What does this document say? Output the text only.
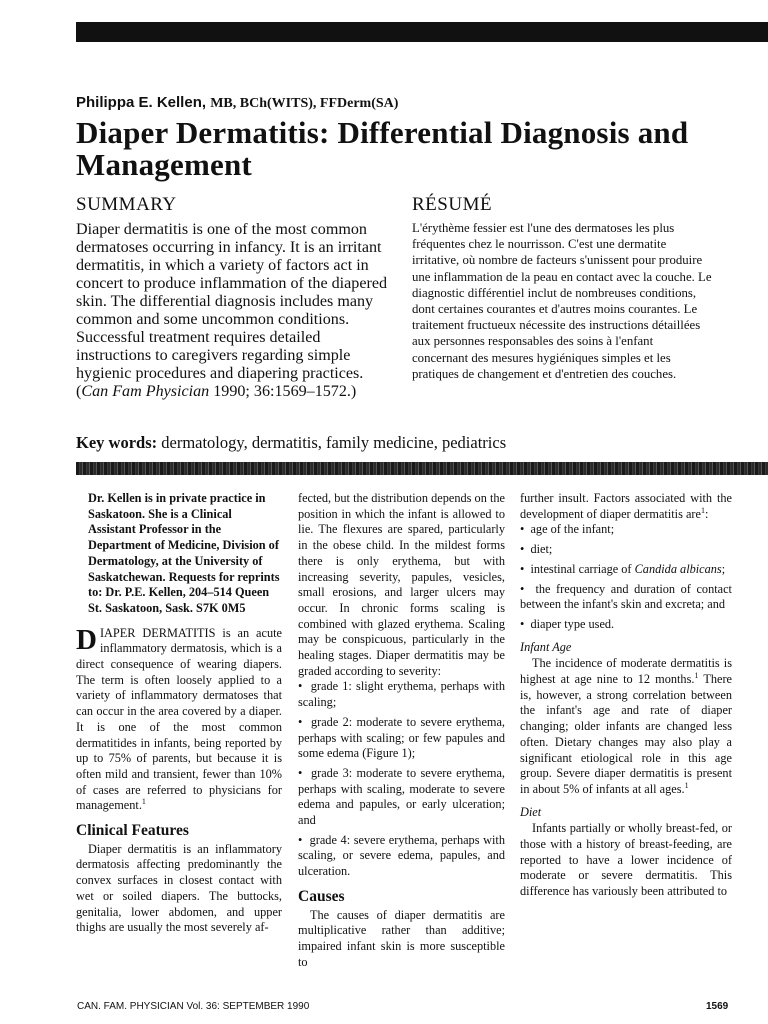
Philippa E. Kellen, MB, BCh(WITS), FFDerm(SA)
Diaper Dermatitis: Differential Diagnosis and Management
SUMMARY

Diaper dermatitis is one of the most common dermatoses occurring in infancy. It is an irritant dermatitis, in which a variety of factors act in concert to produce inflammation of the diapered skin. The differential diagnosis includes many common and some uncommon conditions. Successful treatment requires detailed instructions to caregivers regarding simple hygienic procedures and diapering practices. (Can Fam Physician 1990; 36:1569–1572.)

RÉSUMÉ

L'érythème fessier est l'une des dermatoses les plus fréquentes chez le nourrisson. C'est une dermatite irritative, où nombre de facteurs s'unissent pour produire une inflammation de la peau en contact avec la couche. Le diagnostic différentiel inclut de nombreuses conditions, dont certaines courantes et d'autres moins courantes. Le traitement fructueux nécessite des instructions détaillées aux personnes responsables des soins à l'enfant concernant des mesures hygiéniques simples et les pratiques de changement et d'entretien des couches.

Key words: dermatology, dermatitis, family medicine, pediatrics

Dr. Kellen is in private practice in Saskatoon. She is a Clinical Assistant Professor in the Department of Medicine, Division of Dermatology, at the University of Saskatchewan. Requests for reprints to: Dr. P.E. Kellen, 204–514 Queen St. Saskatoon, Sask. S7K 0M5

DIAPER DERMATITIS is an acute inflammatory dermatosis, which is a direct consequence of wearing diapers. The term is often loosely applied to a variety of inflammatory dermatoses that can occur in the area covered by a diaper. It is one of the most common dermatitides in infants, being reported by up to 75% of parents, but because it is often mild and transient, fewer than 10% of cases are referred to physicians for management.$^1$

Clinical Features

Diaper dermatitis is an inflammatory dermatosis affecting predominantly the convex surfaces in closest contact with wet or soiled diapers. The buttocks, genitalia, lower abdomen, and upper thighs are usually the most severely af-

fected, but the distribution depends on the position in which the infant is allowed to lie. The flexures are spared, particularly in the obese child. In the mildest forms there is only erythema, but with increasing severity, papules, vesicles, small erosions, and larger ulcers may occur. In chronic forms scaling is combined with glazed erythema. Scaling may be conspicuous, particularly in the healing stages. Diaper dermatitis may be graded according to severity:

•  grade 1: slight erythema, perhaps with scaling;
•  grade 2: moderate to severe erythema, perhaps with scaling; or few papules and some edema (Figure 1);
•  grade 3: moderate to severe erythema, perhaps with scaling, moderate to severe edema and papules, or early ulceration; and
•  grade 4: severe erythema, perhaps with scaling, or severe edema, papules, and ulceration.
Causes

The causes of diaper dermatitis are multiplicative rather than additive; impaired infant skin is more susceptible to

further insult. Factors associated with the development of diaper dermatitis are$^1$:

•  age of the infant;
•  diet;
•  intestinal carriage of Candida albicans;
•  the frequency and duration of contact between the infant's skin and excreta; and
•  diaper type used.

Infant Age

The incidence of moderate dermatitis is highest at age nine to 12 months.$^1$ There is, however, a strong correlation between the infant's age and rate of diaper changing; older infants are changed less often. Dietary changes may also play a significant etiological role in this age group. Severe diaper dermatitis is present in about 5% of infants at all ages.$^1$

Diet

Infants partially or wholly breast-fed, or those with a history of breast-feeding, are reported to have a lower incidence of moderate or severe dermatitis. This difference has variously been attributed to

CAN. FAM. PHYSICIAN Vol. 36: SEPTEMBER 1990	1569
